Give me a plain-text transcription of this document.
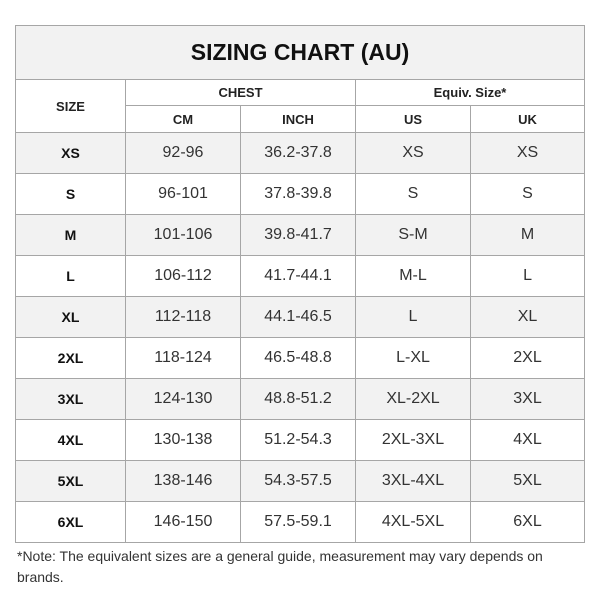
SIZING CHART (AU)				
SIZE	CHEST		Equiv. Size*	
	CM	INCH	US	UK
XS	92-96	36.2-37.8	XS	XS
S	96-101	37.8-39.8	S	S
M	101-106	39.8-41.7	S-M	M
L	106-112	41.7-44.1	M-L	L
XL	112-118	44.1-46.5	L	XL
2XL	118-124	46.5-48.8	L-XL	2XL
3XL	124-130	48.8-51.2	XL-2XL	3XL
4XL	130-138	51.2-54.3	2XL-3XL	4XL
5XL	138-146	54.3-57.5	3XL-4XL	5XL
6XL	146-150	57.5-59.1	4XL-5XL	6XL
*Note: The equivalent sizes are a general guide, measurement may vary depends on brands.
